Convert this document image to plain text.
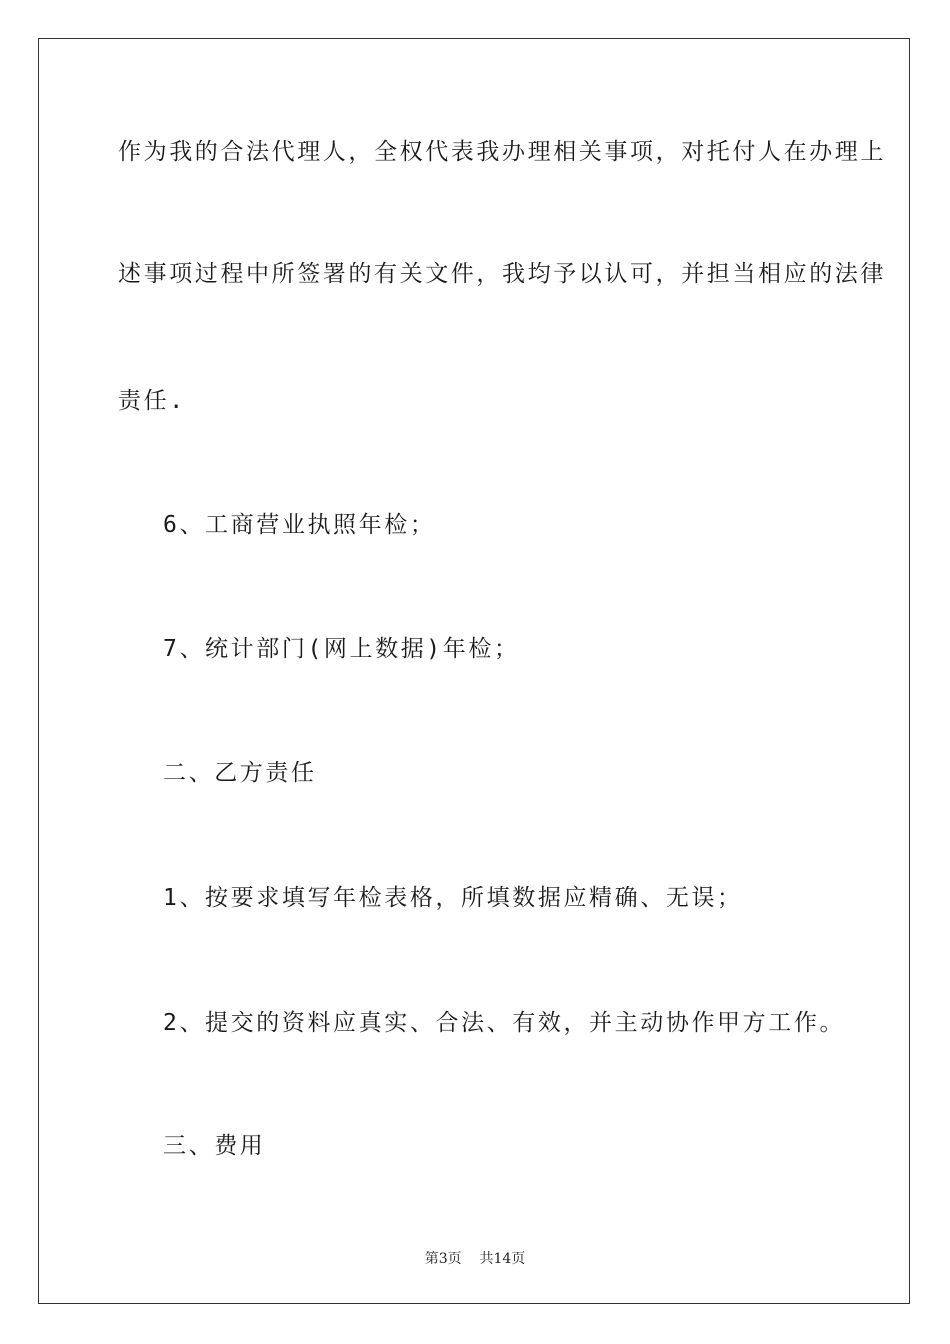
作为我的合法代理人，全权代表我办理相关事项，对托付人在办理上
述事项过程中所签署的有关文件，我均予以认可，并担当相应的法律
责任.
6、工商营业执照年检；
7、统计部门(网上数据)年检；
二、乙方责任
1、按要求填写年检表格，所填数据应精确、无误；
2、提交的资料应真实、合法、有效，并主动协作甲方工作。
三、费用
第3页    共14页
